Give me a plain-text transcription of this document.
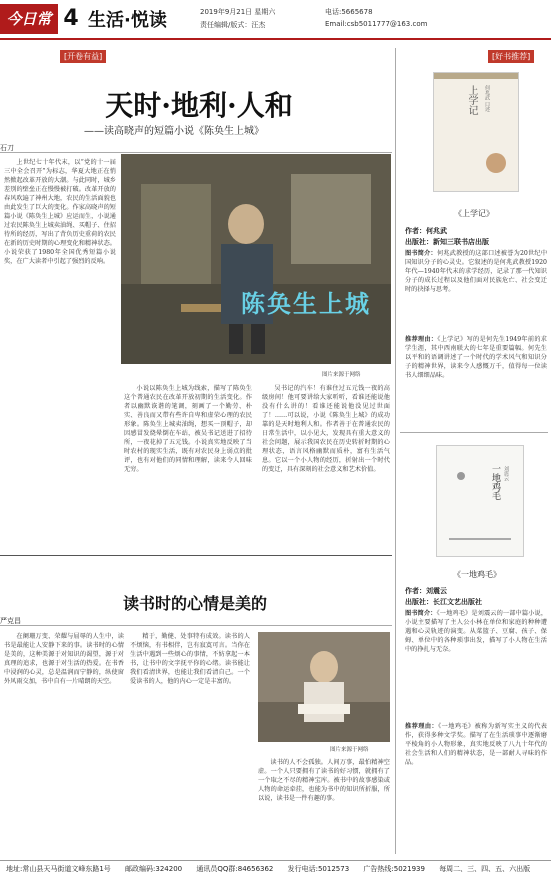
今日常山
4 生活·悦读	2019年9月21日 星期六
责任编辑/版式：汪杰
电话:5665678
Email:csb5011777@163.com
[开卷有益]
天时·地利·人和
——读高晓声的短篇小说《陈奂生上城》
石刀

上世纪七十年代末，以“党的十一届三中全会召开”为标志，华夏大地正在悄然掀起改革开放的大潮。与此同时，城乡差别的壁垒正在慢慢被打破。改革开放的春风吹遍了神州大地，农民的生活面貌也由此发生了巨大的变化。作家高晓声的短篇小说《陈奂生上城》应运而生，小说通过农民陈奂生上城卖油绳、买帽子、住招待所的经历，写出了背负历史重荷的农民在新的历史时期的心理变化和精神状态。小说荣获了1980年全国优秀短篇小说奖，在广大读者中引起了强烈的反响。

陈奂生上城
图片来源于网络

小说以陈奂生上城为线索，描写了陈奂生这个普通农民在改革开放初期的生活变化。作者以幽默诙谐的笔调，刻画了一个勤劳、朴实、善良而又带有些许自卑和虚荣心理的农民形象。陈奂生上城卖油绳，想买一顶帽子，却因感冒发烧晕倒在车站，被吴书记送进了招待所，一夜花掉了五元钱。小说真实地反映了当时农村的现实生活，既有对农民身上弱点的批评，也有对他们的同情和理解，读来令人回味无穷。

吴书记的汽车！有谁住过五元钱一夜的高级房间！他可要讲给大家听听，看谁还能说他没有什么讲的！看谁还能说他没见过世面了！……可以说，小说《陈奂生上城》的成功靠的是天时地利人和。作者善于在普通农民的日常生活中，以小见大，发现具有重大意义的社会问题，展示我国农民在历史转折时期的心理状态，语言风格幽默而质朴，富有生活气息。它以一个小人物的经历，折射出一个时代的变迁，具有深刻的社会意义和艺术价值。

读书时的心情是美的
严克昌

在阑珊万变、荣耀与屈辱的人生中，读书是最能让人安静下来的事。读书时的心情是美的，这种美源于对知识的渴望，源于对真理的追求，也源于对生活的热爱。在书香中浸润的心灵，总是温润而宁静的，纵使窗外风雨交加，书中自有一片晴朗的天空。

精于，勤健、处事特有成效。读书的人不烦恼，有书相伴，岂有寂寞可言。当你在生活中遇到一些烦心的事情，不妨拿起一本书，让书中的文字抚平你的心绪。读书能让我们看清世界，也能让我们看清自己。一个爱读书的人，他的内心一定是丰富的。

图片来源于网络

读书的人不会孤独。人间万事，最怕精神空虚。一个人只要拥有了读书的好习惯，就拥有了一个取之不尽的精神宝库。被书中的故事感染或人物的命运牵挂，也能为书中的知识所折服，所以说，读书是一件有趣的事。

[好书推荐]
上学记	何兆武 口述
《上学记》
作者：何兆武
出版社：新知三联书店出版
图书简介：何兆武教授的这部口述被誉为20世纪中国知识分子的心灵史。它叙述的是何兆武教授1920年代—1940年代末的求学经历，记录了那一代知识分子的成长过程以及他们面对民族危亡、社会变迁时的抉择与思考。
推荐理由：《上学记》写的是何先生1949年前的求学生涯，其中西南联大的七年是重要篇幅。何先生以平和的语调讲述了一个时代的学术风气和知识分子的精神世界，读来令人感慨万千，值得每一位读书人细细品味。
一地鸡毛 刘震云
《一地鸡毛》
作者：刘震云
出版社：长江文艺出版社
图书简介：《一地鸡毛》是刘震云的一部中篇小说，小说主要描写了主人公小林在单位和家庭的种种遭遇和心灵轨迹的演变。从菜篮子、豆腐、孩子、保姆、单位中的各种琐事出发，描写了小人物在生活中的挣扎与无奈。
推荐理由：《一地鸡毛》被称为新写实主义的代表作，获得多种文学奖。描写了在生活琐事中逐渐磨平棱角的小人物形象，真实地反映了八九十年代的社会生活和人们的精神状态，是一部耐人寻味的作品。
地址:常山县天马街道文峰东路1号 邮政编码:324200 通讯员QQ群:84656362 发行电话:5012573 广告热线:5021939 每周二、三、四、五、六出版
